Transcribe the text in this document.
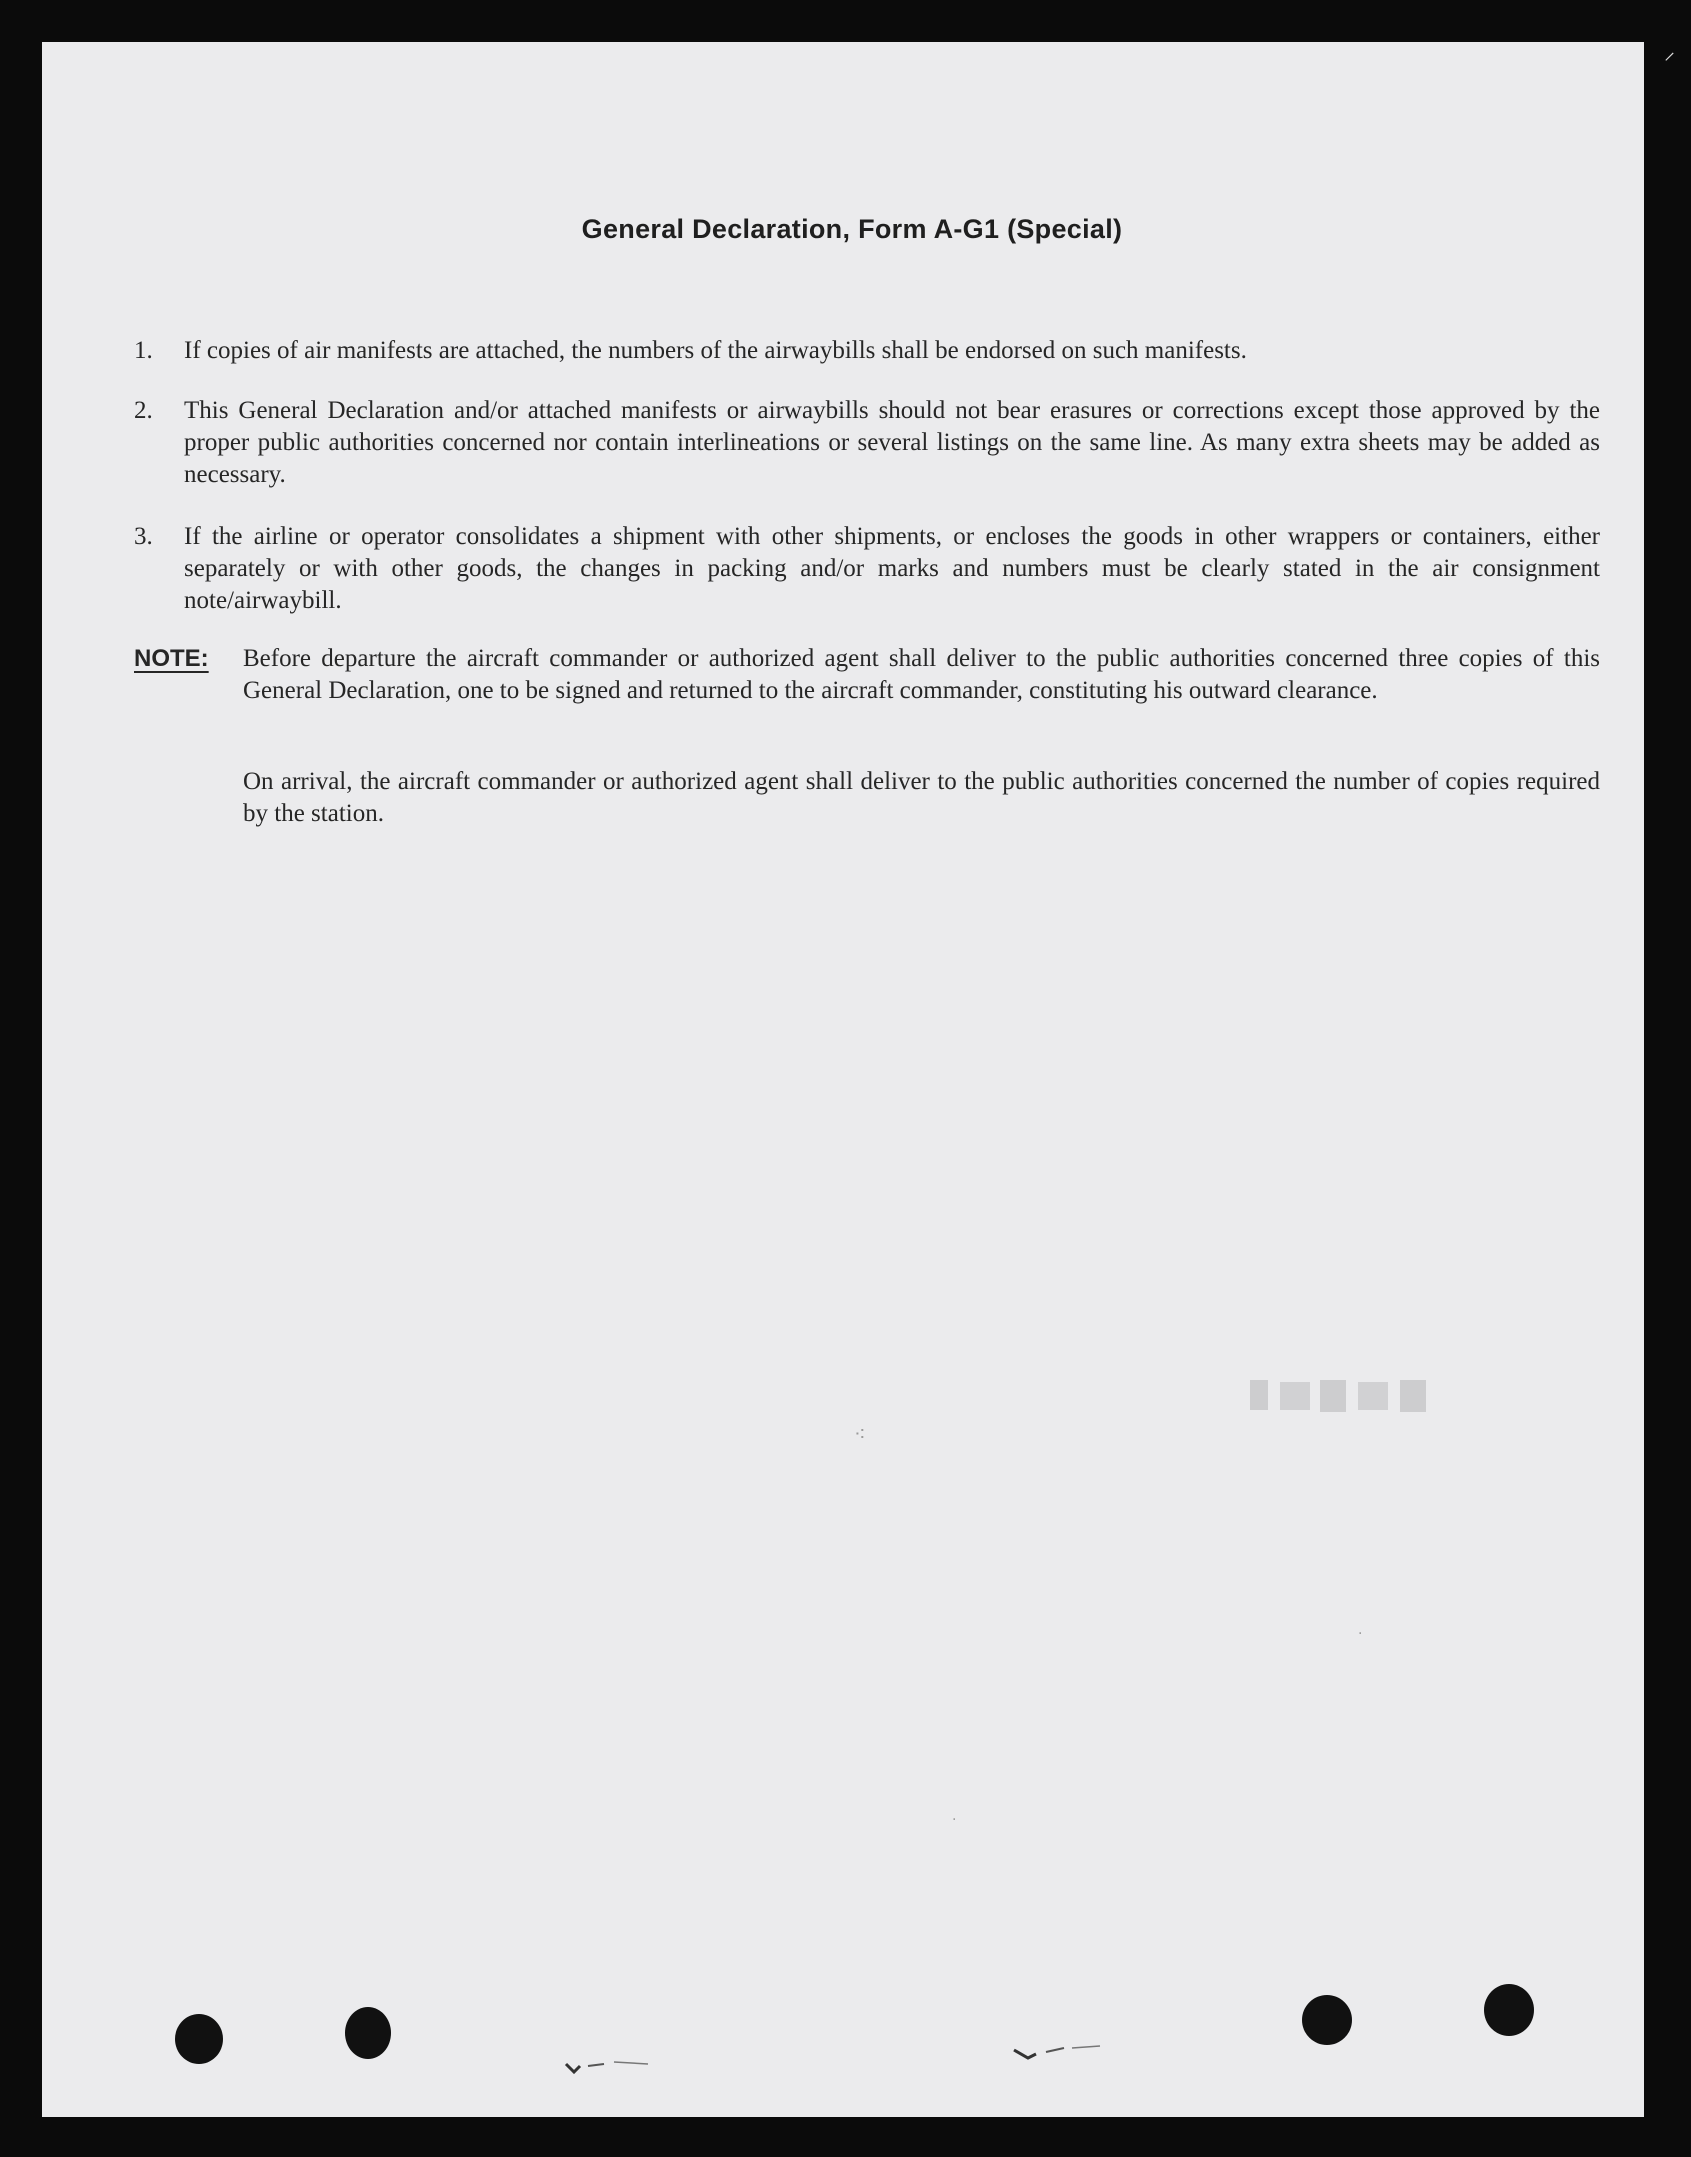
⸝
General Declaration, Form A-G1 (Special)
1.	If copies of air manifests are attached, the numbers of the airwaybills shall be endorsed on such manifests.
2.	This General Declaration and/or attached manifests or airwaybills should not bear erasures or corrections except those approved by the proper public authorities concerned nor contain interlineations or several listings on the same line. As many extra sheets may be added as necessary.
3.	If the airline or operator consolidates a shipment with other shipments, or encloses the goods in other wrappers or containers, either separately or with other goods, the changes in packing and/or marks and numbers must be clearly stated in the air consignment note/airwaybill.
NOTE: Before departure the aircraft commander or authorized agent shall deliver to the public authorities concerned three copies of this General Declaration, one to be signed and returned to the aircraft commander, constituting his outward clearance.
On arrival, the aircraft commander or authorized agent shall deliver to the public authorities concerned the number of copies required by the station.
⁖
·
·
